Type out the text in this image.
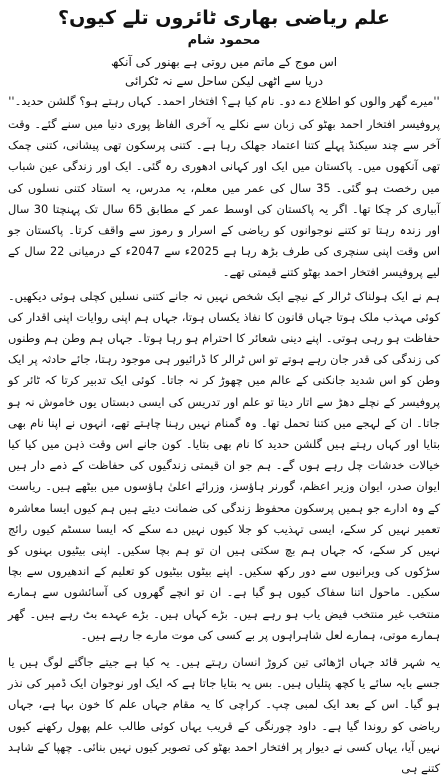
علم ریاضی بھاری ٹائروں تلے کیوں؟
محمود شام
اس موج کے ماتم میں روتی ہے بھنور کی آنکھ
دریا سے اٹھی لیکن ساحل سے نہ ٹکرائی
''میرے گھر والوں کو اطلاع دے دو۔ نام کیا ہے؟ افتخار احمد۔ کہاں رہتے ہو؟ گلشن حدید۔''

پروفیسر افتخار احمد بھٹو کی زبان سے نکلے یہ آخری الفاظ پوری دنیا میں سنے گئے۔ وقت آخر سے چند سیکنڈ پہلے کتنا اعتماد جھلک رہا ہے۔ کتنی پرسکون تھی پیشانی، کتنی چمک تھی آنکھوں میں۔ پاکستان میں ایک اور کہانی ادھوری رہ گئی۔ ایک اور زندگی عین شباب میں رخصت ہو گئی۔ 35 سال کی عمر میں معلم، یہ مدرس، یہ استاد کتنی نسلوں کی آبیاری کر چکا تھا۔ اگر یہ پاکستان کی اوسط عمر کے مطابق 65 سال تک پہنچتا 30 سال اور زندہ رہتا تو کتنے نوجوانوں کو ریاضی کے اسرار و رموز سے واقف کرتا۔ پاکستان جو اس وقت اپنی سنچری کی طرف بڑھ رہا ہے 2025ء سے 2047ء کے درمیانی 22 سال کے لیے پروفیسر افتخار احمد بھٹو کتنے قیمتی تھے۔

ہم نے ایک ہولناک ٹرالر کے نیچے ایک شخص نہیں نہ جانے کتنی نسلیں کچلی ہوئی دیکھیں۔ کوئی مہذب ملک ہوتا جہاں قانون کا نفاذ یکساں ہوتا، جہاں ہم اپنی روایات اپنی اقدار کی حفاظت ہو رہی ہوتی۔ اپنے دینی شعائر کا احترام ہو رہا ہوتا۔ جہاں ہم وطن ہم وطنوں کی زندگی کی قدر جان رہے ہوتے تو اس ٹرالر کا ڈرائیور ہی موجود رہتا، جائے حادثہ پر ایک وطن کو اس شدید جانکنی کے عالم میں چھوڑ کر نہ جاتا۔ کوئی ایک تدبیر کرتا کہ ٹائر کو پروفیسر کے نچلے دھڑ سے اتار دیتا تو علم اور تدریس کی ایسی دبستاں یوں خاموش نہ ہو جاتا۔ ان کے لہجے میں کتنا تحمل تھا۔ وہ گمنام نہیں رہنا چاہتے تھے، انہوں نے اپنا نام بھی بتایا اور کہاں رہتے ہیں گلشن حدید کا نام بھی بتایا۔ کون جانے اس وقت ذہن میں کیا کیا خیالات خدشات چل رہے ہوں گے۔ ہم جو ان قیمتی زندگیوں کی حفاظت کے ذمے دار ہیں ایوان صدر، ایوان وزیر اعظم، گورنر ہاؤسز، وزرائے اعلیٰ ہاؤسوں میں بیٹھے ہیں۔ ریاست کے وہ ادارے جو ہمیں پرسکون محفوظ زندگی کی ضمانت دیتے ہیں ہم کیوں ایسا معاشرہ تعمیر نہیں کر سکے، ایسی تہذیب کو جلا کیوں نہیں دے سکے کہ ایسا سسٹم کیوں رائج نہیں کر سکے، کہ جہاں ہم بچ سکتی ہیں ان تو ہم بچا سکیں۔ اپنی بیٹیوں بہنوں کو سڑکوں کی ویرانیوں سے دور رکھ سکیں۔ اپنے بیٹوں بیٹیوں کو تعلیم کے اندھیروں سے بچا سکیں۔ ماحول اتنا سفاک کیوں ہو گیا ہے۔ ان تو انچے گھروں کی آسائشوں سے ہمارے منتخب غیر منتخب فیض یاب ہو رہے ہیں۔ بڑے کہاں ہیں۔ بڑے عہدے بٹ رہے ہیں۔ گھر ہمارے موتی، ہمارے لعل شاہراہوں پر بے کسی کی موت مارے جا رہے ہیں۔

یہ شہر قائد جہاں اڑھائی تین کروڑ انسان رہتے ہیں۔ یہ کیا ہے جیتے جاگتے لوگ ہیں یا جسے بایہ سائے یا کچھ پتلیاں ہیں۔ بس یہ بتایا جاتا ہے کہ ایک اور نوجوان ایک ڈمپر کی نذر ہو گیا۔ اس کے بعد ایک لمبی چپ۔ کراچی کا یہ مقام جہاں علم کا خون بہا ہے، جہاں ریاضی کو روندا گیا ہے۔ داود چورنگی کے قریب یہاں کوئی طالب علم پھول رکھنے کیوں نہیں آیا، یہاں کسی نے دیوار پر افتخار احمد بھٹو کی تصویر کیوں نہیں بنائی۔ چھپا کے شاہد کتنے ہی
